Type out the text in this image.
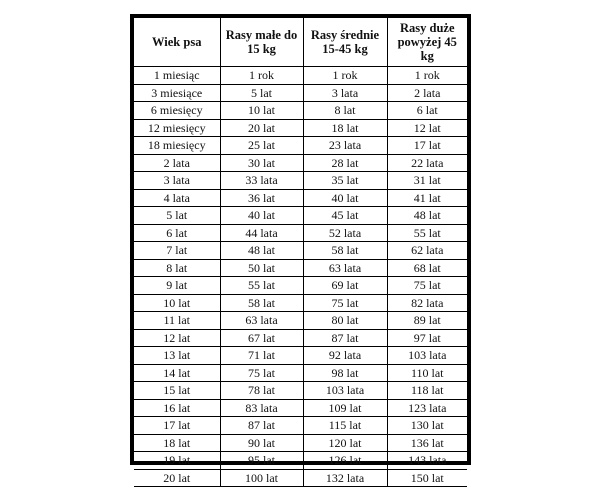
Wiek psa	Rasy małe do 15 kg	Rasy średnie 15-45 kg	Rasy duże powyżej 45 kg
1 miesiąc	1 rok	1 rok	1 rok
3 miesiące	5 lat	3 lata	2 lata
6 miesięcy	10 lat	8 lat	6 lat
12 miesięcy	20 lat	18 lat	12 lat
18 miesięcy	25 lat	23 lata	17 lat
2 lata	30 lat	28 lat	22 lata
3 lata	33 lata	35 lat	31 lat
4 lata	36 lat	40 lat	41 lat
5 lat	40 lat	45 lat	48 lat
6 lat	44 lata	52 lata	55 lat
7 lat	48 lat	58 lat	62 lata
8 lat	50 lat	63 lata	68 lat
9 lat	55 lat	69 lat	75 lat
10 lat	58 lat	75 lat	82 lata
11 lat	63 lata	80 lat	89 lat
12 lat	67 lat	87 lat	97 lat
13 lat	71 lat	92 lata	103 lata
14 lat	75 lat	98 lat	110 lat
15 lat	78 lat	103 lata	118 lat
16 lat	83 lata	109 lat	123 lata
17 lat	87 lat	115 lat	130 lat
18 lat	90 lat	120 lat	136 lat
19 lat	95 lat	126 lat	143 lata
20 lat	100 lat	132 lata	150 lat
